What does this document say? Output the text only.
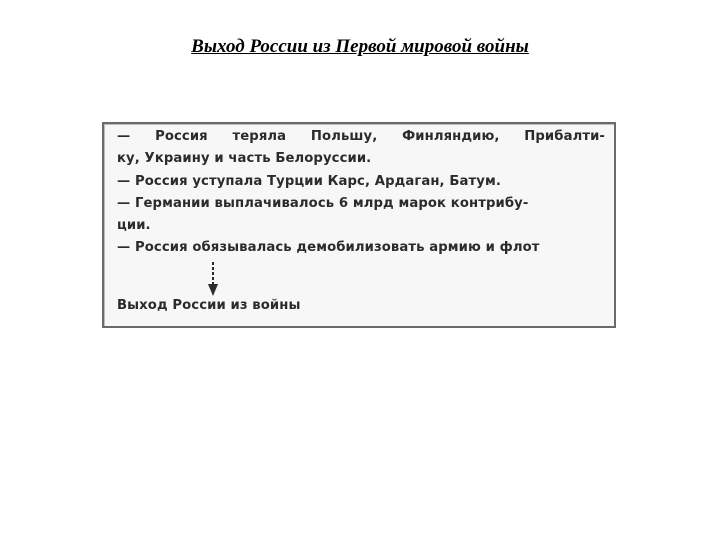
Выход России из Первой мировой войны
— Россия теряла Польшу, Финляндию, Прибалти-
ку, Украину и часть Белоруссии.
— Россия уступала Турции Карс, Ардаган, Батум.
— Германии выплачивалось 6 млрд марок контрибу-
ции.
— Россия обязывалась демобилизовать армию и флот
Выход России из войны
